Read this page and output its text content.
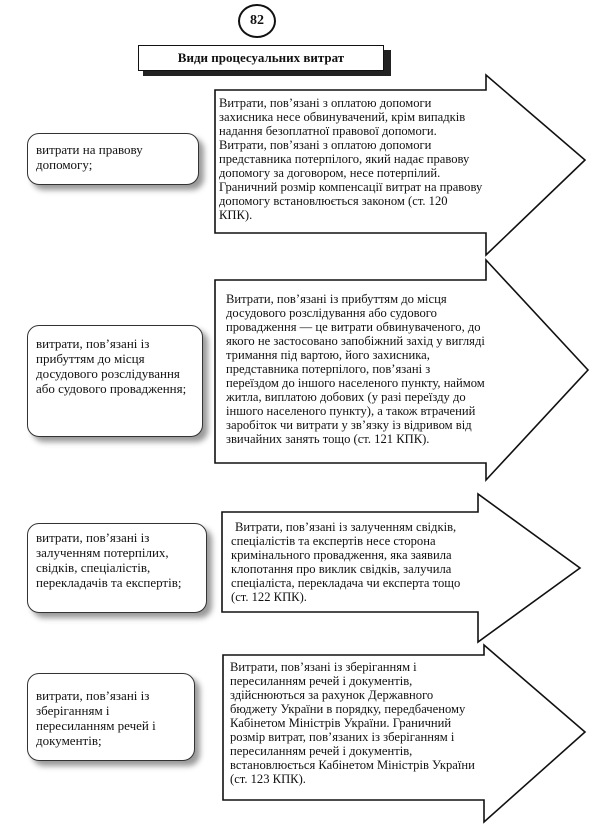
82
Види процесуальних витрат
витрати на правову допомогу;
витрати, пов’язані із прибуттям до місця досудового розслідування або судового провадження;
витрати, пов’язані із залученням потерпілих, свідків, спеціалістів, перекладачів та експертів;
витрати, пов’язані із зберіганням і пересиланням речей і документів;
Витрати, пов’язані з оплатою допомоги захисника несе обвинувачений, крім випадків надання безоплатної правової допомоги. Витрати, пов’язані з оплатою допомоги представника потерпілого, який надає правову допомогу за договором, несе потерпілий. Граничний розмір компенсації витрат на правову допомогу встановлюється законом (ст. 120 КПК).
Витрати, пов’язані із прибуттям до місця досудового розслідування або судового провадження — це витрати обвинуваченого, до якого не застосовано запобіжний захід у вигляді тримання під вартою, його захисника, представника потерпілого, пов’язані з переїздом до іншого населеного пункту, наймом житла, виплатою добових (у разі переїзду до іншого населеного пункту), а також втрачений заробіток чи витрати у зв’язку із відривом від звичайних занять тощо (ст. 121 КПК).
Витрати, пов’язані із залученням свідків, спеціалістів та експертів несе сторона кримінального провадження, яка заявила клопотання про виклик свідків, залучила спеціаліста, перекладача чи експерта тощо (ст. 122 КПК).
Витрати, пов’язані із зберіганням і пересиланням речей і документів, здійснюються за рахунок Державного бюджету України в порядку, передбаченому Кабінетом Міністрів України. Граничний розмір витрат, пов’язаних із зберіганням і пересиланням речей і документів, встановлюється Кабінетом Міністрів України (ст. 123 КПК).
